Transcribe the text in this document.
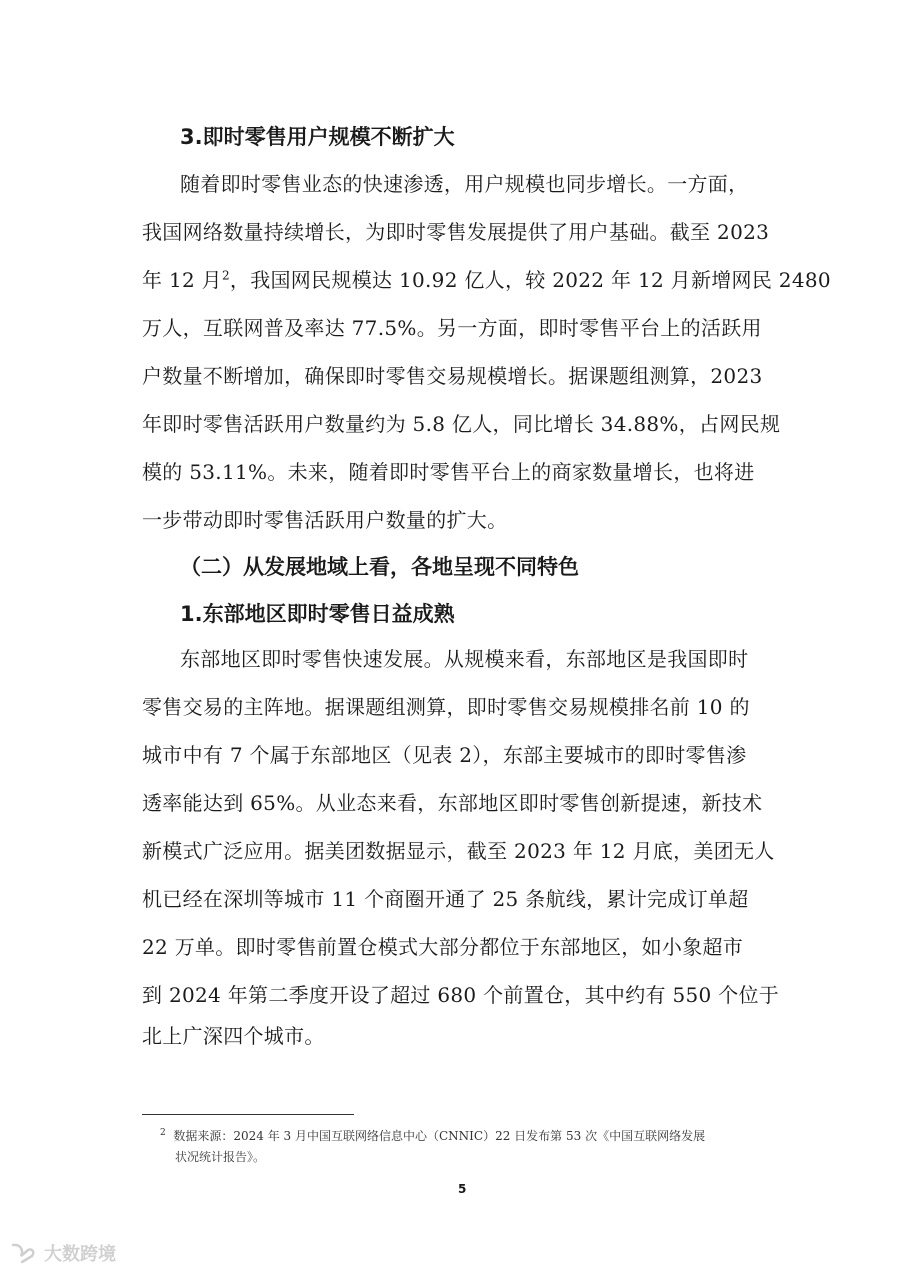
3.即时零售用户规模不断扩大
随着即时零售业态的快速渗透，用户规模也同步增长。一方面，
我国网络数量持续增长，为即时零售发展提供了用户基础。截至 2023
年 12 月$^2$，我国网民规模达 10.92 亿人，较 2022 年 12 月新增网民 2480
万人，互联网普及率达 77.5%。另一方面，即时零售平台上的活跃用
户数量不断增加，确保即时零售交易规模增长。据课题组测算，2023
年即时零售活跃用户数量约为 5.8 亿人，同比增长 34.88%，占网民规
模的 53.11%。未来，随着即时零售平台上的商家数量增长，也将进
一步带动即时零售活跃用户数量的扩大。
（二）从发展地域上看，各地呈现不同特色
1.东部地区即时零售日益成熟
东部地区即时零售快速发展。从规模来看，东部地区是我国即时
零售交易的主阵地。据课题组测算，即时零售交易规模排名前 10 的
城市中有 7 个属于东部地区（见表 2），东部主要城市的即时零售渗
透率能达到 65%。从业态来看，东部地区即时零售创新提速，新技术
新模式广泛应用。据美团数据显示，截至 2023 年 12 月底，美团无人
机已经在深圳等城市 11 个商圈开通了 25 条航线，累计完成订单超
22 万单。即时零售前置仓模式大部分都位于东部地区，如小象超市
到 2024 年第二季度开设了超过 680 个前置仓，其中约有 550 个位于
北上广深四个城市。
$^2$ 数据来源：2024 年 3 月中国互联网络信息中心（CNNIC）22 日发布第 53 次《中国互联网络发展
状况统计报告》。
5
大数跨境
